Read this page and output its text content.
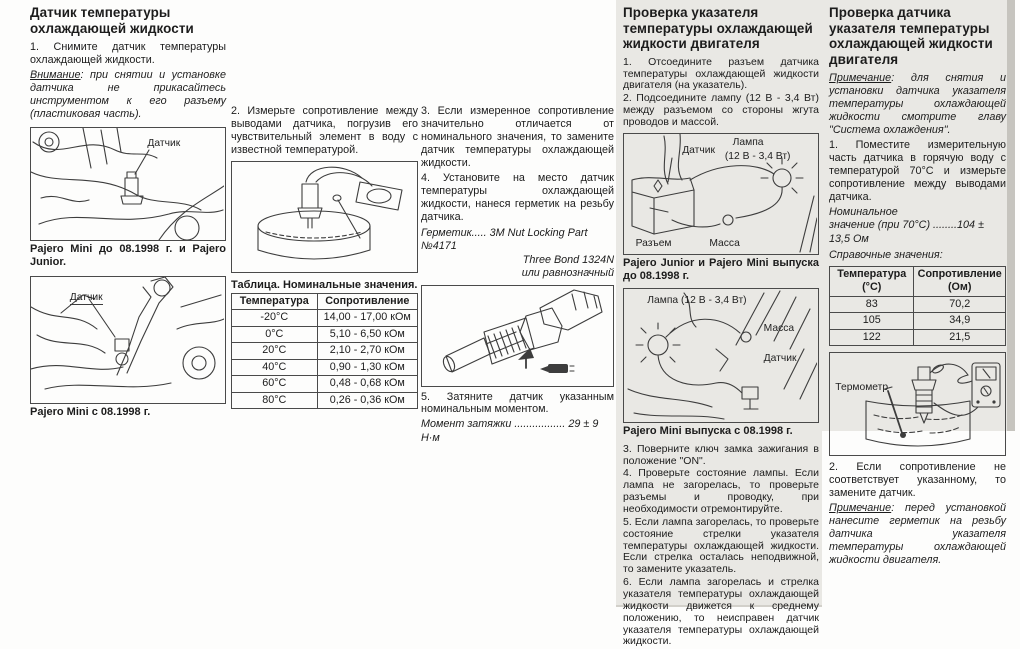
Датчик температуры охлаждающей жидкости

1. Снимите датчик температуры охлаждающей жидкости.

Внимание: при снятии и установке датчика не прикасайтесь инструментом к его разъему (пластиковая часть).

Датчик
Pajero Mini до 08.1998 г. и Pajero Junior.
Датчик
Pajero Mini с 08.1998 г.

2. Измерьте сопротивление между выводами датчика, погрузив его чувствительный элемент в воду с известной температурой.

Таблица. Номинальные значения.
Температура	Сопротивление
-20°С	14,00 - 17,00 кОм
0°С	5,10 - 6,50 кОм
20°С	2,10 - 2,70 кОм
40°С	0,90 - 1,30 кОм
60°С	0,48 - 0,68 кОм
80°С	0,26 - 0,36 кОм

3. Если измеренное сопротивление значительно отличается от номинального значения, то замените датчик температуры охлаждающей жидкости.

4. Установите на место датчик температуры охлаждающей жидкости, нанеся герметик на резьбу датчика.

Герметик..... 3M Nut Locking Part №4171
Three Bond 1324N
или равнозначный

5. Затяните датчик указанным номинальным моментом.

Момент затяжки ................. 29 ± 9 Н·м
Проверка указателя температуры охлаждающей жидкости двигателя

1. Отсоедините разъем датчика температуры охлаждающей жидкости двигателя (на указатель).

2. Подсоедините лампу (12 В - 3,4 Вт) между разъемом со стороны жгута проводов и массой.

Лампа
(12 В - 3,4 Вт)
Датчик
Разъем	Масса
Pajero Junior и Pajero Mini выпуска до 08.1998 г.
Лампа (12 В - 3,4 Вт)
Масса
Датчик
Pajero Mini выпуска с 08.1998 г.

3. Поверните ключ замка зажигания в положение "ON".

4. Проверьте состояние лампы. Если лампа не загорелась, то проверьте разъемы и проводку, при необходимости отремонтируйте.

5. Если лампа загорелась, то проверьте состояние стрелки указателя температуры охлаждающей жидкости. Если стрелка осталась неподвижной, то замените указатель.

6. Если лампа загорелась и стрелка указателя температуры охлаждающей жидкости движется к среднему положению, то неисправен датчик указателя температуры охлаждающей жидкости.

Проверка датчика указателя температуры охлаждающей жидкости двигателя

Примечание: для снятия и установки датчика указателя температуры охлаждающей жидкости смотрите главу "Система охлаждения".

1. Поместите измерительную часть датчика в горячую воду с температурой 70°С и измерьте сопротивление между выводами датчика.

Номинальное
значение (при 70°С) ........104 ± 13,5 Ом
Справочные значения:
Температура (°С)	Сопротивление (Ом)
83	70,2
105	34,9
122	21,5
Термометр

2. Если сопротивление не соответствует указанному, то замените датчик.

Примечание: перед установкой нанесите герметик на резьбу датчика указателя температуры охлаждающей жидкости двигателя.
